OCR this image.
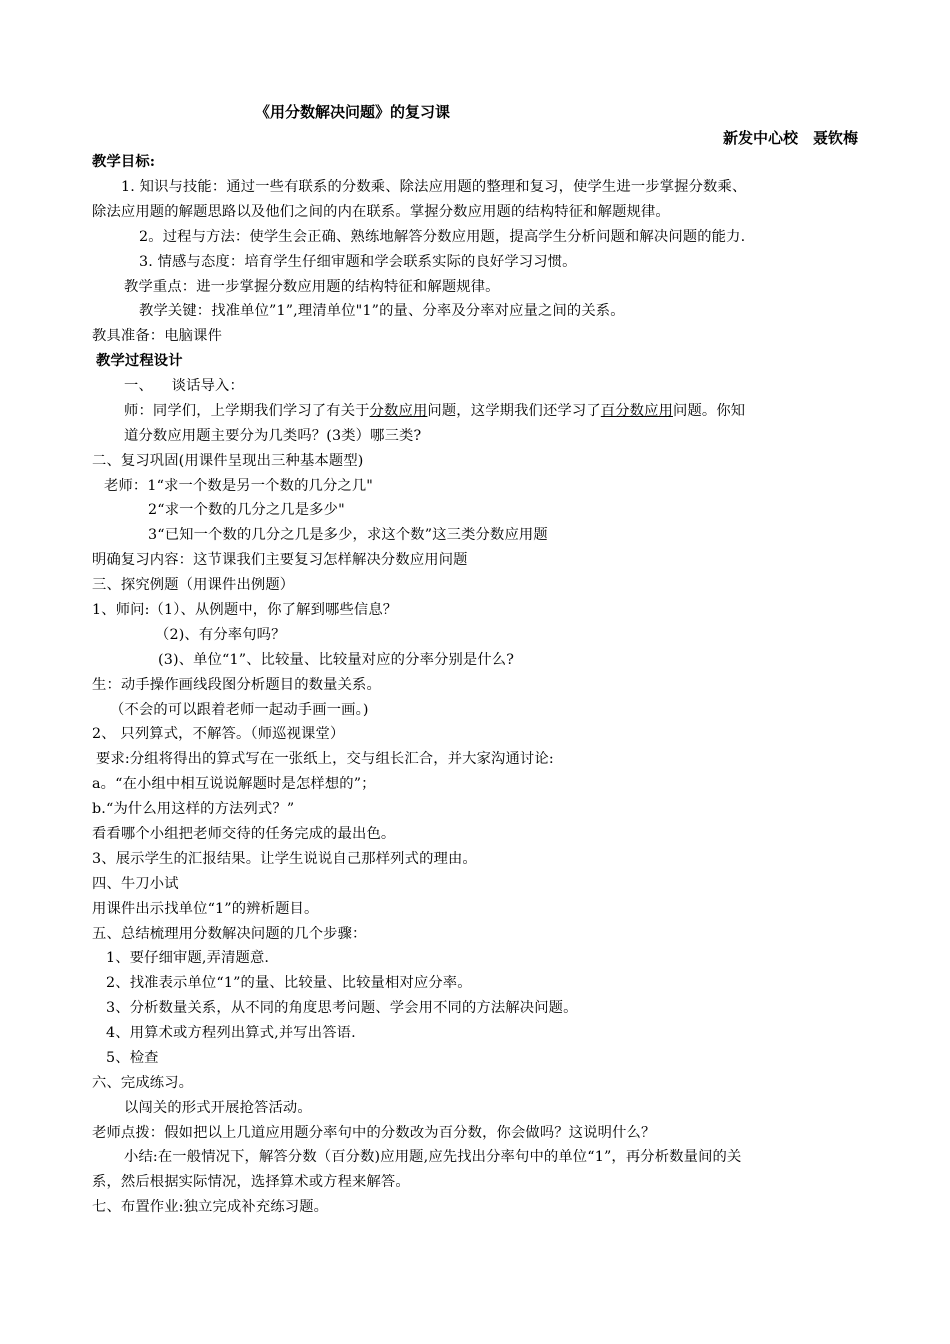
《用分数解决问题》的复习课
新发中心校　聂钦梅
教学目标:
1. 知识与技能：通过一些有联系的分数乘、除法应用题的整理和复习，使学生进一步掌握分数乘、
除法应用题的解题思路以及他们之间的内在联系。掌握分数应用题的结构特征和解题规律。
2。过程与方法：使学生会正确、熟练地解答分数应用题，提高学生分析问题和解决问题的能力.
3. 情感与态度：培育学生仔细审题和学会联系实际的良好学习习惯。
教学重点：进一步掌握分数应用题的结构特征和解题规律。
教学关键：找准单位”1”,理清单位"1”的量、分率及分率对应量之间的关系。
教具准备：电脑课件
教学过程设计
一、    谈话导入：
师：同学们，上学期我们学习了有关于分数应用问题，这学期我们还学习了百分数应用问题。你知
道分数应用题主要分为几类吗？(3类）哪三类?
二、复习巩固(用课件呈现出三种基本题型)
老师：1“求一个数是另一个数的几分之几"
2“求一个数的几分之几是多少"
3“已知一个数的几分之几是多少，求这个数”这三类分数应用题
明确复习内容：这节课我们主要复习怎样解决分数应用问题
三、探究例题（用课件出例题）
1、师问:（1）、从例题中，你了解到哪些信息？
（2)、有分率句吗？
(3)、单位“1”、比较量、比较量对应的分率分别是什么?
生：动手操作画线段图分析题目的数量关系。
（不会的可以跟着老师一起动手画一画。)
2、 只列算式，不解答。（师巡视课堂）
要求:分组将得出的算式写在一张纸上，交与组长汇合，并大家沟通讨论:
a。“在小组中相互说说解题时是怎样想的”；
b.“为什么用这样的方法列式？”
看看哪个小组把老师交待的任务完成的最出色。
3、展示学生的汇报结果。让学生说说自己那样列式的理由。
四、牛刀小试
用课件出示找单位“1”的辨析题目。
五、总结梳理用分数解决问题的几个步骤：
1、要仔细审题,弄清题意.
2、找准表示单位“1”的量、比较量、比较量相对应分率。
3、分析数量关系，从不同的角度思考问题、学会用不同的方法解决问题。
4、用算术或方程列出算式,并写出答语.
5、检查
六、完成练习。
以闯关的形式开展抢答活动。
老师点拨：假如把以上几道应用题分率句中的分数改为百分数，你会做吗？这说明什么？
小结:在一般情况下，解答分数（百分数)应用题,应先找出分率句中的单位“1”，再分析数量间的关
系，然后根据实际情况，选择算术或方程来解答。
七、布置作业:独立完成补充练习题。
